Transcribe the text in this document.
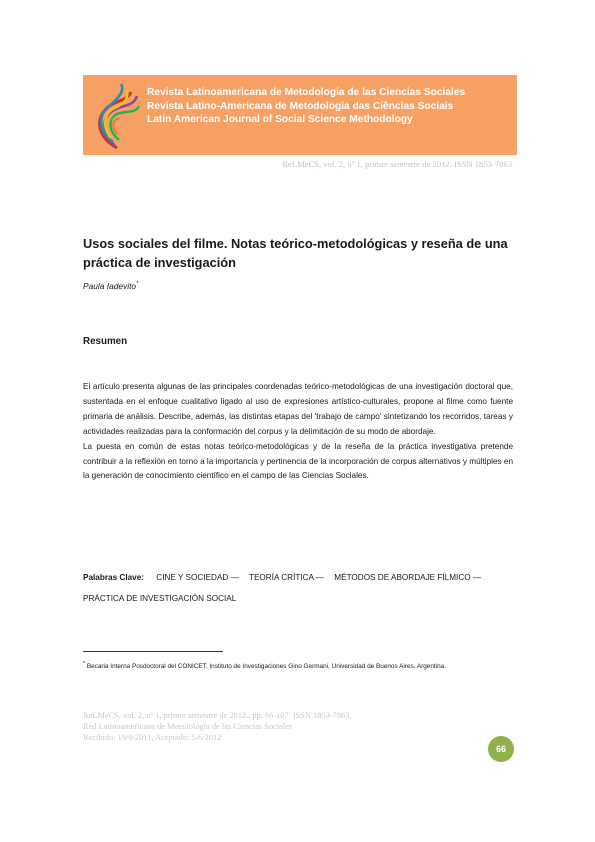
Revista Latinoamericana de Metodología de las Ciencias Sociales
Revista Latino-Americana de Metodologia das Ciências Sociais
Latin American Journal of Social Science Methodology
ReLMeCS, vol. 2, nº 1, primer semestre de 2012. ISSN 1853-7863
Usos sociales del filme. Notas teórico-metodológicas y reseña de una práctica de investigación
Paula Iadevito*
Resumen

El artículo presenta algunas de las principales coordenadas teórico-metodológicas de una investigación doctoral que, sustentada en el enfoque cualitativo ligado al uso de expresiones artístico-culturales, propone al filme como fuente primaria de análisis. Describe, además, las distintas etapas del 'trabajo de campo' sintetizando los recorridos, tareas y actividades realizadas para la conformación del corpus y la delimitación de su modo de abordaje.

La puesta en común de estas notas teórico-metodológicas y de la reseña de la práctica investigativa pretende contribuir a la reflexión en torno a la importancia y pertinencia de la incorporación de corpus alternativos y múltiples en la generación de conocimiento científico en el campo de las Ciencias Sociales.

Palabras Clave: CINE Y SOCIEDAD — TEORÍA CRÍTICA — MÉTODOS DE ABORDAJE FÍLMICO — PRÁCTICA DE INVESTIGACIÓN SOCIAL
* Becaria Interna Posdoctoral del CONICET, Instituto de Investigaciones Gino Germani, Universidad de Buenos Aires, Argentina.
ReLMeCS, vol. 2, nº 1, primer semestre de 2012., pp. 66-107. ISSN 1853-7863.
Red Latinoamericana de Metodología de las Ciencias Sociales
Recibido: 19/9/2011, Aceptado: 5/6/2012
66
